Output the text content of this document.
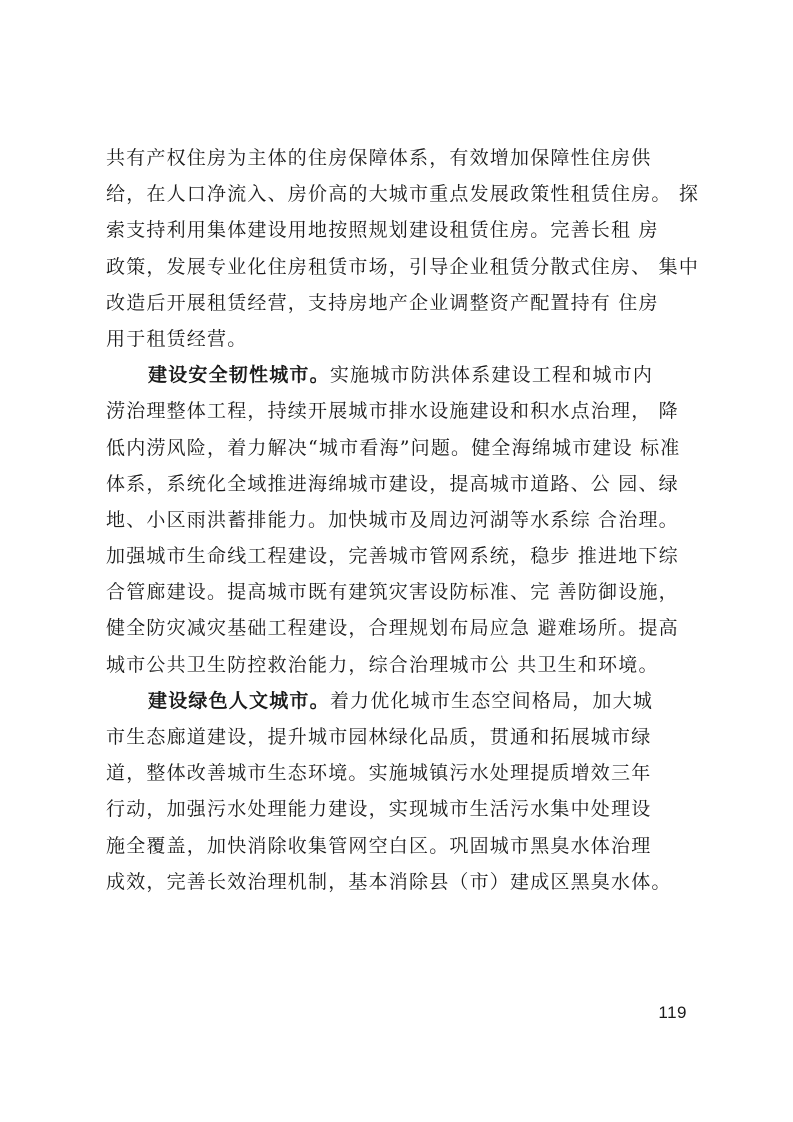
共有产权住房为主体的住房保障体系，有效增加保障性住房供
给，在人口净流入、房价高的大城市重点发展政策性租赁住房。 探
索支持利用集体建设用地按照规划建设租赁住房。完善长租 房
政策，发展专业化住房租赁市场，引导企业租赁分散式住房、 集中
改造后开展租赁经营，支持房地产企业调整资产配置持有 住房
用于租赁经营。
建设安全韧性城市。实施城市防洪体系建设工程和城市内
涝治理整体工程，持续开展城市排水设施建设和积水点治理， 降
低内涝风险，着力解决“城市看海”问题。健全海绵城市建设 标准
体系，系统化全域推进海绵城市建设，提高城市道路、公 园、绿
地、小区雨洪蓄排能力。加快城市及周边河湖等水系综 合治理。
加强城市生命线工程建设，完善城市管网系统，稳步 推进地下综
合管廊建设。提高城市既有建筑灾害设防标准、完 善防御设施，
健全防灾减灾基础工程建设，合理规划布局应急 避难场所。提高
城市公共卫生防控救治能力，综合治理城市公 共卫生和环境。
建设绿色人文城市。着力优化城市生态空间格局，加大城
市生态廊道建设，提升城市园林绿化品质，贯通和拓展城市绿
道，整体改善城市生态环境。实施城镇污水处理提质增效三年
行动，加强污水处理能力建设，实现城市生活污水集中处理设
施全覆盖，加快消除收集管网空白区。巩固城市黑臭水体治理
成效，完善长效治理机制，基本消除县（市）建成区黑臭水体。
119
